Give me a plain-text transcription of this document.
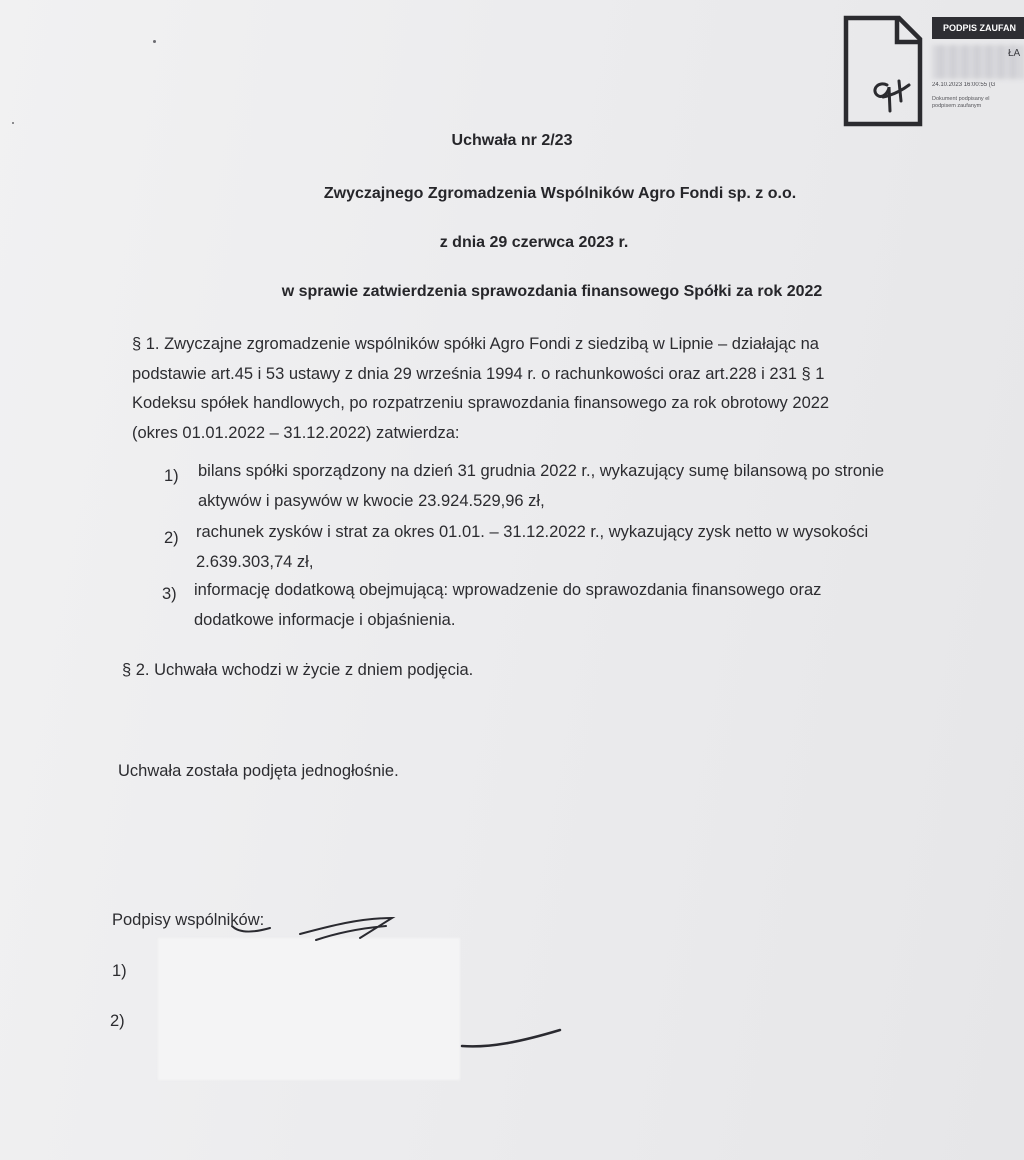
PODPIS ZAUFAN
ŁA
24.10.2023 16:00:55 (G
Dokument podpisany el
podpisem zaufanym
Uchwała nr 2/23
Zwyczajnego Zgromadzenia Wspólników Agro Fondi sp. z o.o.
z dnia 29 czerwca 2023 r.
w sprawie zatwierdzenia sprawozdania finansowego Spółki za rok 2022
§ 1. Zwyczajne zgromadzenie wspólników spółki Agro Fondi z siedzibą w Lipnie – działając na
podstawie art.45 i 53 ustawy z dnia 29 września 1994 r. o rachunkowości oraz art.228 i 231 § 1
Kodeksu spółek handlowych, po rozpatrzeniu sprawozdania finansowego za rok obrotowy 2022
(okres 01.01.2022 – 31.12.2022) zatwierdza:
1) bilans spółki sporządzony na dzień 31 grudnia 2022 r., wykazujący sumę bilansową po stronie
aktywów i pasywów w kwocie 23.924.529,96 zł,
2) rachunek zysków i strat za okres 01.01. – 31.12.2022 r., wykazujący zysk netto w wysokości
2.639.303,74 zł,
3) informację dodatkową obejmującą: wprowadzenie do sprawozdania finansowego oraz
dodatkowe informacje i objaśnienia.
§ 2. Uchwała wchodzi w życie z dniem podjęcia.
Uchwała została podjęta jednogłośnie.
Podpisy wspólników:
1)
2)
